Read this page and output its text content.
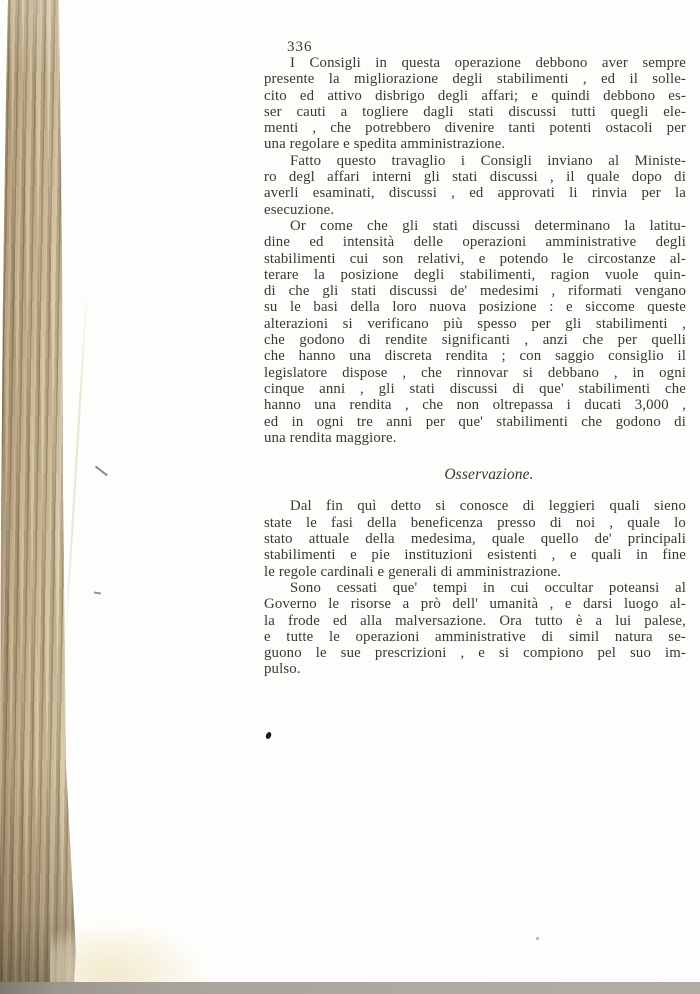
336
I Consigli in questa operazione debbono aver sempre
presente la migliorazione degli stabilimenti , ed il solle-
cito ed attivo disbrigo degli affari; e quindi debbono es-
ser cauti a togliere dagli stati discussi tutti quegli ele-
menti , che potrebbero divenire tanti potenti ostacoli per
una regolare e spedita amministrazione.
Fatto questo travaglio i Consigli inviano al Ministe-
ro degl affari interni gli stati discussi , il quale dopo di
averli esaminati, discussi , ed approvati li rinvia per la
esecuzione.
Or come che gli stati discussi determinano la latitu-
dine ed intensità delle operazioni amministrative degli
stabilimenti cui son relativi, e potendo le circostanze al-
terare la posizione degli stabilimenti, ragion vuole quin-
di che gli stati discussi de' medesimi , riformati vengano
su le basi della loro nuova posizione : e siccome queste
alterazioni si verificano più spesso per gli stabilimenti ,
che godono di rendite significanti , anzi che per quelli
che hanno una discreta rendita ; con saggio consiglio il
legislatore dispose , che rinnovar si debbano , in ogni
cinque anni , gli stati discussi di que' stabilimenti che
hanno una rendita , che non oltrepassa i ducati 3,000 ,
ed in ogni tre anni per que' stabilimenti che godono di
una rendita maggiore.
Osservazione.
Dal fin quì detto si conosce di leggieri quali sieno
state le fasi della beneficenza presso di noi , quale lo
stato attuale della medesima, quale quello de' principali
stabilimenti e pie instituzioni esistenti , e quali in fine
le regole cardinali e generali di amministrazione.
Sono cessati que' tempi in cui occultar poteansi al
Governo le risorse a prò dell' umanità , e darsi luogo al-
la frode ed alla malversazione. Ora tutto è a lui palese,
e tutte le operazioni amministrative di simil natura se-
guono le sue prescrizioni , e si compiono pel suo im-
pulso.
